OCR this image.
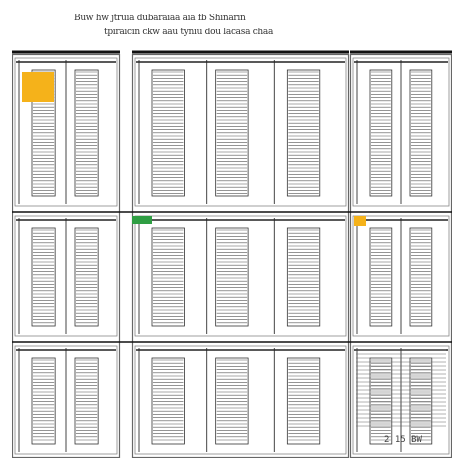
Buw hw jtruia dubaraiaa aia fb Shinarin
tpiraicin ckw aau tyniu dou lacasa chaa
2 15 BW
